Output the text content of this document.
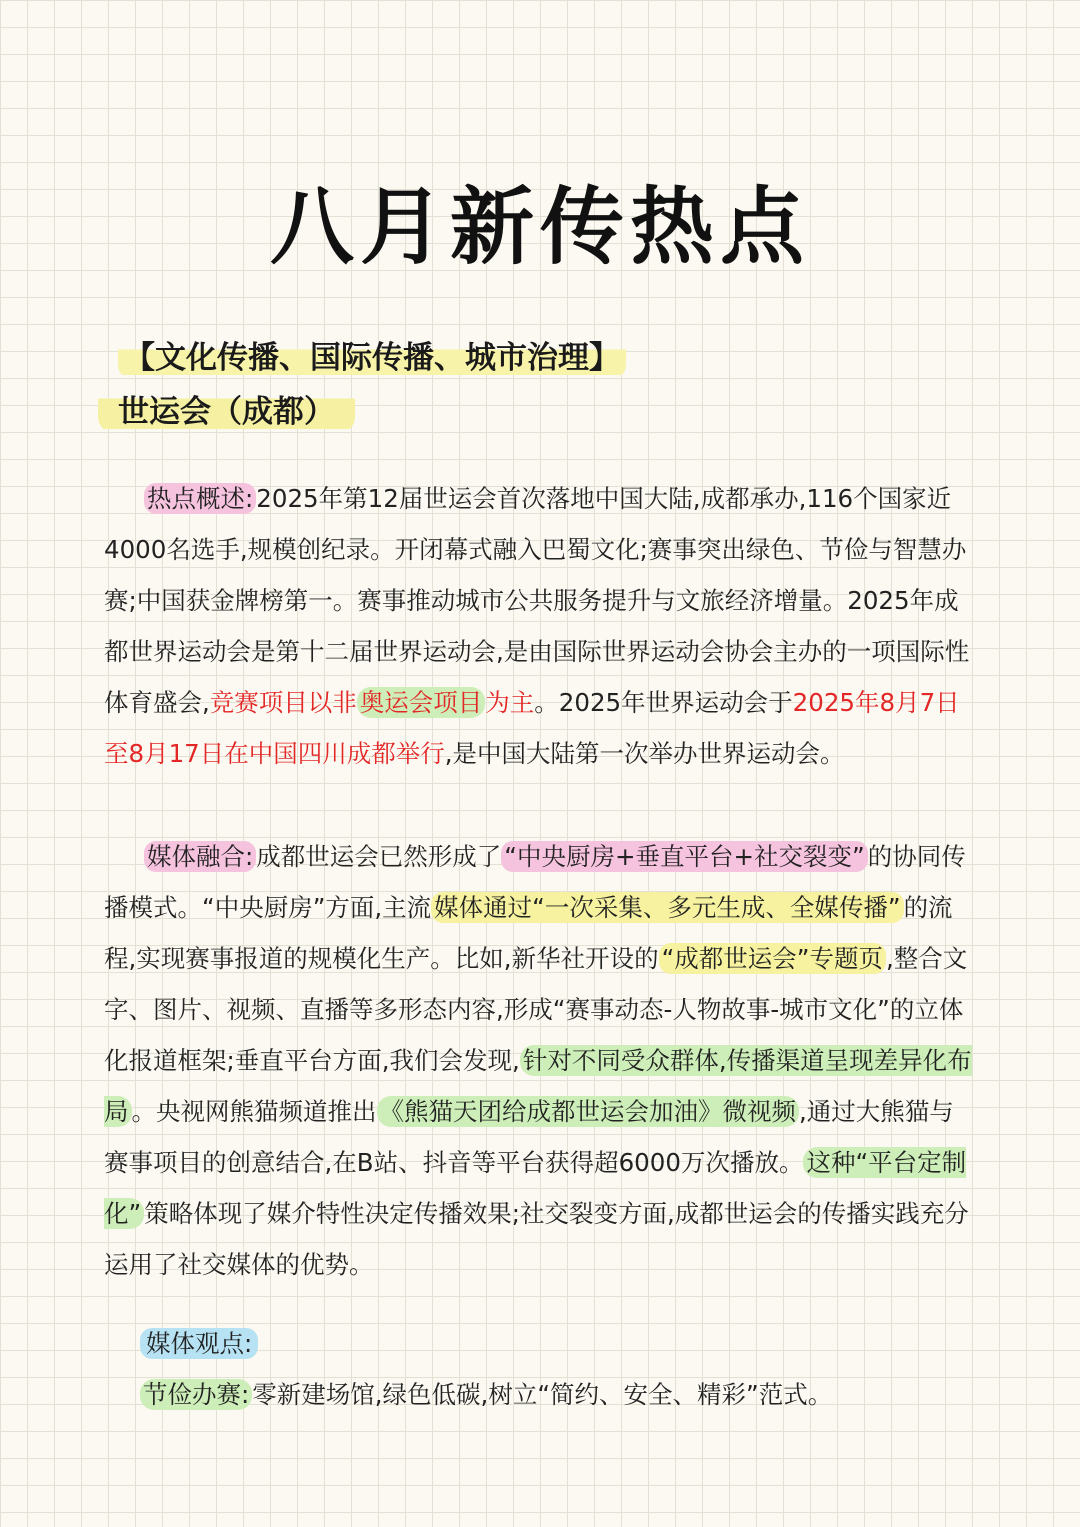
八月新传热点
【文化传播、国际传播、城市治理】
世运会（成都）
热点概述: 2025年第12届世运会首次落地中国大陆,成都承办,116个国家近4000名选手,规模创纪录。开闭幕式融入巴蜀文化;赛事突出绿色、节俭与智慧办赛;中国获金牌榜第一。赛事推动城市公共服务提升与文旅经济增量。2025年成都世界运动会是第十二届世界运动会,是由国际世界运动会协会主办的一项国际性体育盛会,竞赛项目以非 奥运会项目 为主。2025年世界运动会于2025年8月7日至8月17日在中国四川成都举行,是中国大陆第一次举办世界运动会。
媒体融合: 成都世运会已然形成了 “中央厨房+垂直平台+社交裂变” 的协同传播模式。“中央厨房”方面,主流 媒体通过“一次采集、多元生成、全媒传播” 的流程,实现赛事报道的规模化生产。比如,新华社开设的 “成都世运会”专题页 ,整合文字、图片、视频、直播等多形态内容,形成“赛事动态-人物故事-城市文化”的立体化报道框架;垂直平台方面,我们会发现, 针对不同受众群体,传播渠道呈现差异化布局 。央视网熊猫频道推出 《熊猫天团给成都世运会加油》微视频 ,通过大熊猫与赛事项目的创意结合,在B站、抖音等平台获得超6000万次播放。 这种“平台定制化” 策略体现了媒介特性决定传播效果;社交裂变方面,成都世运会的传播实践充分运用了社交媒体的优势。
媒体观点:
节俭办赛: 零新建场馆,绿色低碳,树立“简约、安全、精彩”范式。
